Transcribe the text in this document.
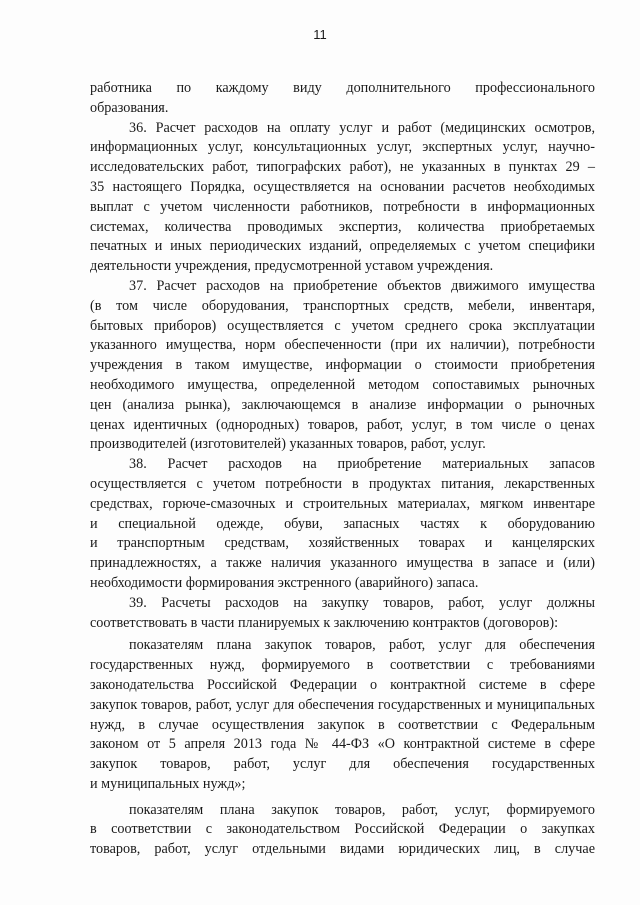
11
работника по каждому виду дополнительного профессионального
образования.
36. Расчет расходов на оплату услуг и работ (медицинских осмотров,
информационных услуг, консультационных услуг, экспертных услуг, научно-
исследовательских работ, типографских работ), не указанных в пунктах 29 –
35 настоящего Порядка, осуществляется на основании расчетов необходимых
выплат с учетом численности работников, потребности в информационных
системах, количества проводимых экспертиз, количества приобретаемых
печатных и иных периодических изданий, определяемых с учетом специфики
деятельности учреждения, предусмотренной уставом учреждения.
37. Расчет расходов на приобретение объектов движимого имущества
(в том числе оборудования, транспортных средств, мебели, инвентаря,
бытовых приборов) осуществляется с учетом среднего срока эксплуатации
указанного имущества, норм обеспеченности (при их наличии), потребности
учреждения в таком имуществе, информации о стоимости приобретения
необходимого имущества, определенной методом сопоставимых рыночных
цен (анализа рынка), заключающемся в анализе информации о рыночных
ценах идентичных (однородных) товаров, работ, услуг, в том числе о ценах
производителей (изготовителей) указанных товаров, работ, услуг.
38. Расчет расходов на приобретение материальных запасов
осуществляется с учетом потребности в продуктах питания, лекарственных
средствах, горюче-смазочных и строительных материалах, мягком инвентаре
и специальной одежде, обуви, запасных частях к оборудованию
и транспортным средствам, хозяйственных товарах и канцелярских
принадлежностях, а также наличия указанного имущества в запасе и (или)
необходимости формирования экстренного (аварийного) запаса.
39. Расчеты расходов на закупку товаров, работ, услуг должны
соответствовать в части планируемых к заключению контрактов (договоров):
показателям плана закупок товаров, работ, услуг для обеспечения
государственных нужд, формируемого в соответствии с требованиями
законодательства Российской Федерации о контрактной системе в сфере
закупок товаров, работ, услуг для обеспечения государственных и муниципальных
нужд, в случае осуществления закупок в соответствии с Федеральным
законом от 5 апреля 2013 года № 44-ФЗ «О контрактной системе в сфере
закупок товаров, работ, услуг для обеспечения государственных
и муниципальных нужд»;
показателям плана закупок товаров, работ, услуг, формируемого
в соответствии с законодательством Российской Федерации о закупках
товаров, работ, услуг отдельными видами юридических лиц, в случае
